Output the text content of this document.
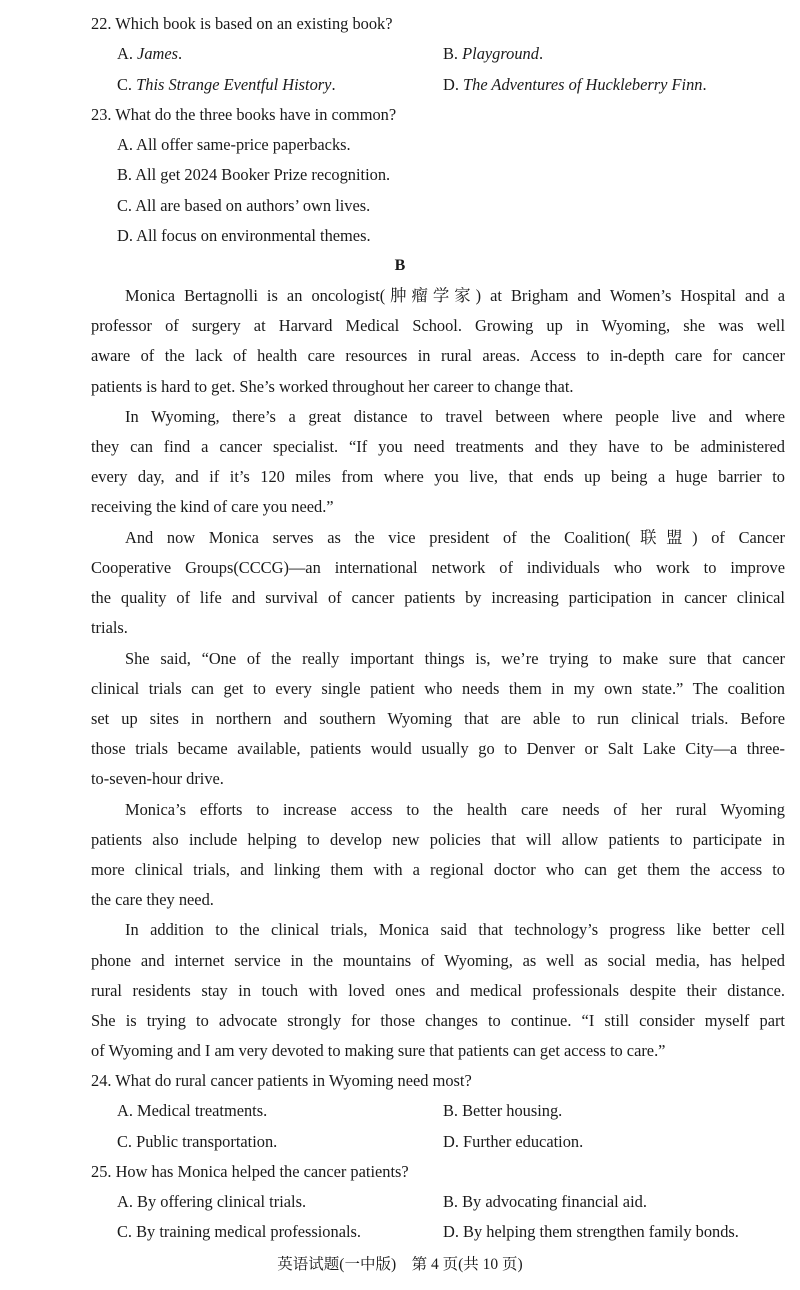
22. Which book is based on an existing book?
A. James.	B. Playground.
C. This Strange Eventful History.	D. The Adventures of Huckleberry Finn.
23. What do the three books have in common?
A. All offer same-price paperbacks.
B. All get 2024 Booker Prize recognition.
C. All are based on authors’ own lives.
D. All focus on environmental themes.
B
Monica Bertagnolli is an oncologist(肿瘤学家) at Brigham and Women’s Hospital and a
professor of surgery at Harvard Medical School. Growing up in Wyoming, she was well
aware of the lack of health care resources in rural areas. Access to in-depth care for cancer
patients is hard to get. She’s worked throughout her career to change that.
In Wyoming, there’s a great distance to travel between where people live and where
they can find a cancer specialist. “If you need treatments and they have to be administered
every day, and if it’s 120 miles from where you live, that ends up being a huge barrier to
receiving the kind of care you need.”
And now Monica serves as the vice president of the Coalition(联盟) of Cancer
Cooperative Groups(CCCG)—an international network of individuals who work to improve
the quality of life and survival of cancer patients by increasing participation in cancer clinical
trials.
She said, “One of the really important things is, we’re trying to make sure that cancer
clinical trials can get to every single patient who needs them in my own state.” The coalition
set up sites in northern and southern Wyoming that are able to run clinical trials. Before
those trials became available, patients would usually go to Denver or Salt Lake City—a three-
to-seven-hour drive.
Monica’s efforts to increase access to the health care needs of her rural Wyoming
patients also include helping to develop new policies that will allow patients to participate in
more clinical trials, and linking them with a regional doctor who can get them the access to
the care they need.
In addition to the clinical trials, Monica said that technology’s progress like better cell
phone and internet service in the mountains of Wyoming, as well as social media, has helped
rural residents stay in touch with loved ones and medical professionals despite their distance.
She is trying to advocate strongly for those changes to continue. “I still consider myself part
of Wyoming and I am very devoted to making sure that patients can get access to care.”
24. What do rural cancer patients in Wyoming need most?
A. Medical treatments.	B. Better housing.
C. Public transportation.	D. Further education.
25. How has Monica helped the cancer patients?
A. By offering clinical trials.	B. By advocating financial aid.
C. By training medical professionals.	D. By helping them strengthen family bonds.
英语试题(一中版)　第 4 页(共 10 页)
